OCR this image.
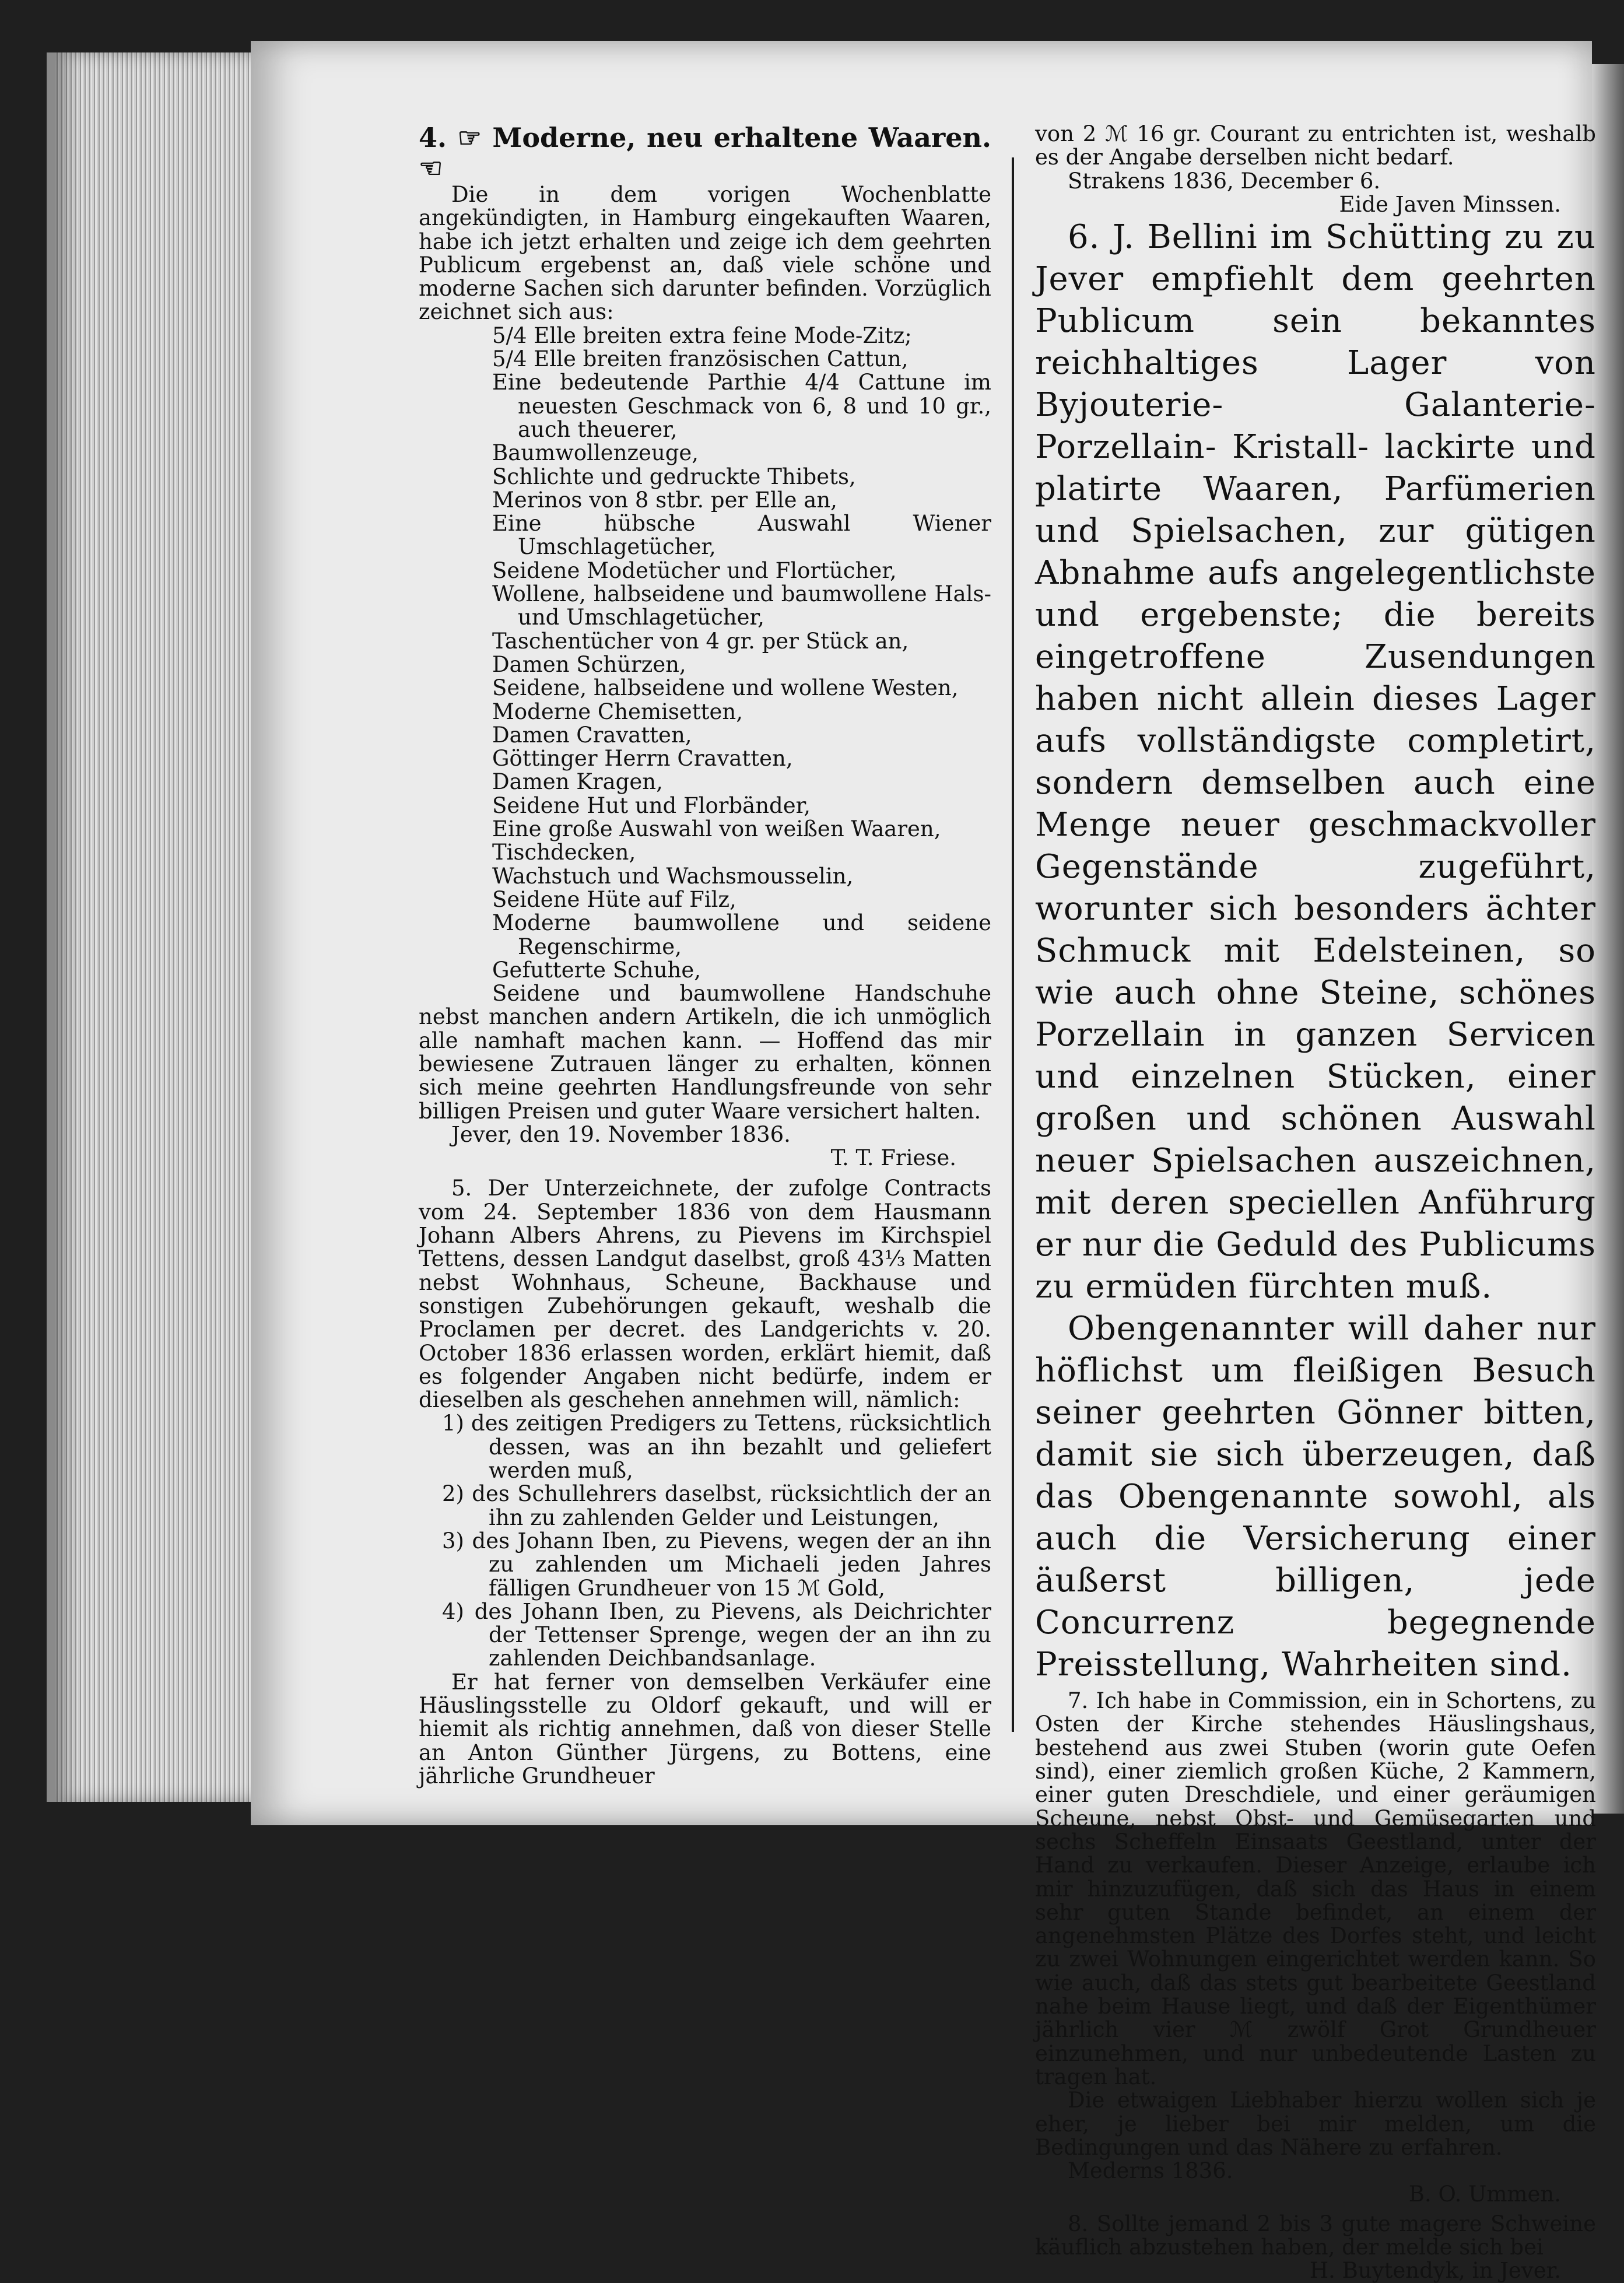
4. ☞ Moderne, neu erhaltene Waaren. ☜

Die in dem vorigen Wochenblatte angekündigten, in Hamburg eingekauften Waaren, habe ich jetzt erhalten und zeige ich dem geehrten Publicum ergebenst an, daß viele schöne und moderne Sachen sich darunter befinden. Vorzüglich zeichnet sich aus:

5/4 Elle breiten extra feine Mode-Zitz;

5/4 Elle breiten französischen Cattun,

Eine bedeutende Parthie 4/4 Cattune im neuesten Geschmack von 6, 8 und 10 gr., auch theuerer,

Baumwollenzeuge,

Schlichte und gedruckte Thibets,

Merinos von 8 stbr. per Elle an,

Eine hübsche Auswahl Wiener Umschlagetücher,

Seidene Modetücher und Flortücher,

Wollene, halbseidene und baumwollene Hals- und Umschlagetücher,

Taschentücher von 4 gr. per Stück an,

Damen Schürzen,

Seidene, halbseidene und wollene Westen,

Moderne Chemisetten,

Damen Cravatten,

Göttinger Herrn Cravatten,

Damen Kragen,

Seidene Hut und Florbänder,

Eine große Auswahl von weißen Waaren,

Tischdecken,

Wachstuch und Wachsmousselin,

Seidene Hüte auf Filz,

Moderne baumwollene und seidene Regenschirme,

Gefutterte Schuhe,

Seidene und baumwollene Handschuhe nebst manchen andern Artikeln, die ich unmöglich alle namhaft machen kann. — Hoffend das mir bewiesene Zutrauen länger zu erhalten, können sich meine geehrten Handlungsfreunde von sehr billigen Preisen und guter Waare versichert halten.

Jever, den 19. November 1836.

T. T. Friese.

5. Der Unterzeichnete, der zufolge Contracts vom 24. September 1836 von dem Hausmann Johann Albers Ahrens, zu Pievens im Kirchspiel Tettens, dessen Landgut daselbst, groß 43⅓ Matten nebst Wohnhaus, Scheune, Backhause und sonstigen Zubehörungen gekauft, weshalb die Proclamen per decret. des Landgerichts v. 20. October 1836 erlassen worden, erklärt hiemit, daß es folgender Angaben nicht bedürfe, indem er dieselben als geschehen annehmen will, nämlich:

1) des zeitigen Predigers zu Tettens, rücksichtlich dessen, was an ihn bezahlt und geliefert werden muß,

2) des Schullehrers daselbst, rücksichtlich der an ihn zu zahlenden Gelder und Leistungen,

3) des Johann Iben, zu Pievens, wegen der an ihn zu zahlenden um Michaeli jeden Jahres fälligen Grundheuer von 15 ℳ Gold,

4) des Johann Iben, zu Pievens, als Deichrichter der Tettenser Sprenge, wegen der an ihn zu zahlenden Deichbandsanlage.

Er hat ferner von demselben Verkäufer eine Häuslingsstelle zu Oldorf gekauft, und will er hiemit als richtig annehmen, daß von dieser Stelle an Anton Günther Jürgens, zu Bottens, eine jährliche Grundheuer

von 2 ℳ 16 gr. Courant zu entrichten ist, weshalb es der Angabe derselben nicht bedarf.

Strakens 1836, December 6.

Eide Javen Minssen.

6. J. Bellini im Schütting zu zu Jever empfiehlt dem geehrten Publicum sein bekanntes reichhaltiges Lager von Byjouterie- Galanterie- Porzellain- Kristall- lackirte und platirte Waaren, Parfümerien und Spielsachen, zur gütigen Abnahme aufs angelegentlichste und ergebenste; die bereits eingetroffene Zusendungen haben nicht allein dieses Lager aufs vollständigste completirt, sondern demselben auch eine Menge neuer geschmackvoller Gegenstände zugeführt, worunter sich besonders ächter Schmuck mit Edelsteinen, so wie auch ohne Steine, schönes Porzellain in ganzen Servicen und einzelnen Stücken, einer großen und schönen Auswahl neuer Spielsachen auszeichnen, mit deren speciellen Anführurg er nur die Geduld des Publicums zu ermüden fürchten muß.

Obengenannter will daher nur höflichst um fleißigen Besuch seiner geehrten Gönner bitten, damit sie sich überzeugen, daß das Obengenannte sowohl, als auch die Versicherung einer äußerst billigen, jede Concurrenz begegnende Preisstellung, Wahrheiten sind.

7. Ich habe in Commission, ein in Schortens, zu Osten der Kirche stehendes Häuslingshaus, bestehend aus zwei Stuben (worin gute Oefen sind), einer ziemlich großen Küche, 2 Kammern, einer guten Dreschdiele, und einer geräumigen Scheune, nebst Obst- und Gemüsegarten und sechs Scheffeln Einsaats Geestland, unter der Hand zu verkaufen. Dieser Anzeige, erlaube ich mir hinzuzufügen, daß sich das Haus in einem sehr guten Stande befindet, an einem der angenehmsten Plätze des Dorfes steht, und leicht zu zwei Wohnungen eingerichtet werden kann. So wie auch, daß das stets gut bearbeitete Geestland nahe beim Hause liegt, und daß der Eigenthümer jährlich vier ℳ zwölf Grot Grundheuer einzunehmen, und nur unbedeutende Lasten zu tragen hat.

Die etwaigen Liebhaber hierzu wollen sich je eher, je lieber bei mir melden, um die Bedingungen und das Nähere zu erfahren.

Mederns 1836.

B. O. Ummen.

8. Sollte jemand 2 bis 3 gute magere Schweine käuflich abzustehen haben, der melde sich bei

H. Buytendyk, in Jever.
